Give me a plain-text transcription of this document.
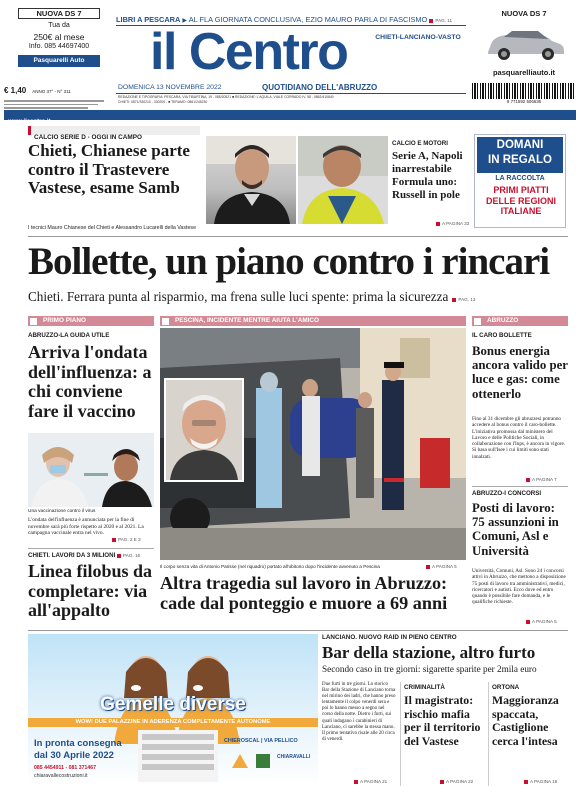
NUOVA DS 7
Tua da
250€ al mese
Info. 085 44697400
Pasquarelli Auto
€ 1,40 ANNO 37° - N° 311
LIBRI A PESCARA ▶ AL FLA GIORNATA CONCLUSIVA, EZIO MAURO PARLA DI FASCISMO PAG. 11
il Centro	CHIETI-LANCIANO-VASTO
DOMENICA 13 NOVEMBRE 2022	QUOTIDIANO DELL'ABRUZZO
REDAZIONE E TIPOGRAFIA: PESCARA, VIA TIBURTINA, 19 - 085/20521 ■ REDAZIONE: L'AQUILA, VIALE CORRADO IV, 58 - 0862/410840
CHIETI: 0871/330210 - 330200 - ■ TERAMO: 0861/245230
NUOVA DS 7
pasquarelliauto.it
9 771592 506636
www.ilcentro.it
CALCIO SERIE D - OGGI IN CAMPO
Chieti, Chianese parte contro il Trastevere Vastese, esame Samb
I tecnici Mauro Chianese del Chieti e Alessandro Lucarelli della Vastese
CALCIO E MOTORI
Serie A, Napoli inarrestabile Formula uno: Russell in pole
A PAGINA 33
DOMANI
IN REGALO
LA RACCOLTA
PRIMI PIATTI DELLE REGIONI ITALIANE
Bollette, un piano contro i rincari
Chieti. Ferrara punta al risparmio, ma frena sulle luci spente: prima la sicurezza PAG. 13
$^{PRIMO PIANO}$
ABRUZZO-LA GUIDA UTILE
Arriva l'ondata dell'influenza: a chi conviene fare il vaccino
Una vaccinazione contro il virus
L'ondata dell'influenza è annunciata per la fine di novembre sarà più forte rispetto al 2020 e al 2021. La campagna vaccinale entra nel vivo.
PAG. 2 E 3
CHIETI. LAVORI DA 3 MILIONI PAG. 16
Linea filobus da completare: via all'appalto
$^{PESCINA, INCIDENTE MENTRE AIUTA L'AMICO}$
Il corpo senza vita di Antonio Parisse (nel riquadro) portato all'obitorio dopo l'incidente avvenuto a Pescina	A PAGINA 5
Altra tragedia sul lavoro in Abruzzo: cade dal ponteggio e muore a 69 anni
$^{ABRUZZO}$
IL CARO BOLLETTE
Bonus energia ancora valido per luce e gas: come ottenerlo
Fino al 31 dicembre gli abruzzesi potranno accedere al bonus contro il caro-bollette. L'iniziativa promossa dal ministero del Lavoro e delle Politiche Sociali, in collaborazione con l'Inps, è ancora in vigore. Si basa sull'Isee i cui limiti sono stati innalzati.
A PAGINA 7
ABRUZZO-I CONCORSI
Posti di lavoro: 75 assunzioni in Comuni, Asl e Università
Università, Comuni, Asl. Sono 24 i concorsi attivi in Abruzzo, che mettono a disposizione 75 posti di lavoro tra amministrativi, medici, ricercatori e autisti. Ecco dove ed entro quando è possibile fare domanda, e le qualifiche richieste.
A PAGINA 5
Gemelle diverse
WOW! DUE PALAZZINE IN ADERENZA COMPLETAMENTE AUTONOME
In pronta consegna
dal 30 Aprile 2022
085 4454911 - 081 371467
chiaravallecostruzioni.it
CHIEROSCAL | VIA PELLICO
CHIARAVALLI
LANCIANO. NUOVO RAID IN PIENO CENTRO
Bar della stazione, altro furto
Secondo caso in tre giorni: sigarette sparite per 2mila euro
Due furti in tre giorni. Lo storico Bar della Stazione di Lanciano torna nel mirino dei ladri, che hanno preso lentamente il colpo venerdì sera e poi lo hanno messo a segno nel corso della notte. Dietro i furti, sui quali indagano i carabinieri di Lanciano, ci sarebbe la stessa mano. Il primo tentativo risale alle 20 circa di venerdì.
A PAGINA 21
CRIMINALITÀ
Il magistrato: rischio mafia per il territorio del Vastese
A PAGINA 22
ORTONA
Maggioranza spaccata, Castiglione cerca l'intesa
A PAGINA 19
